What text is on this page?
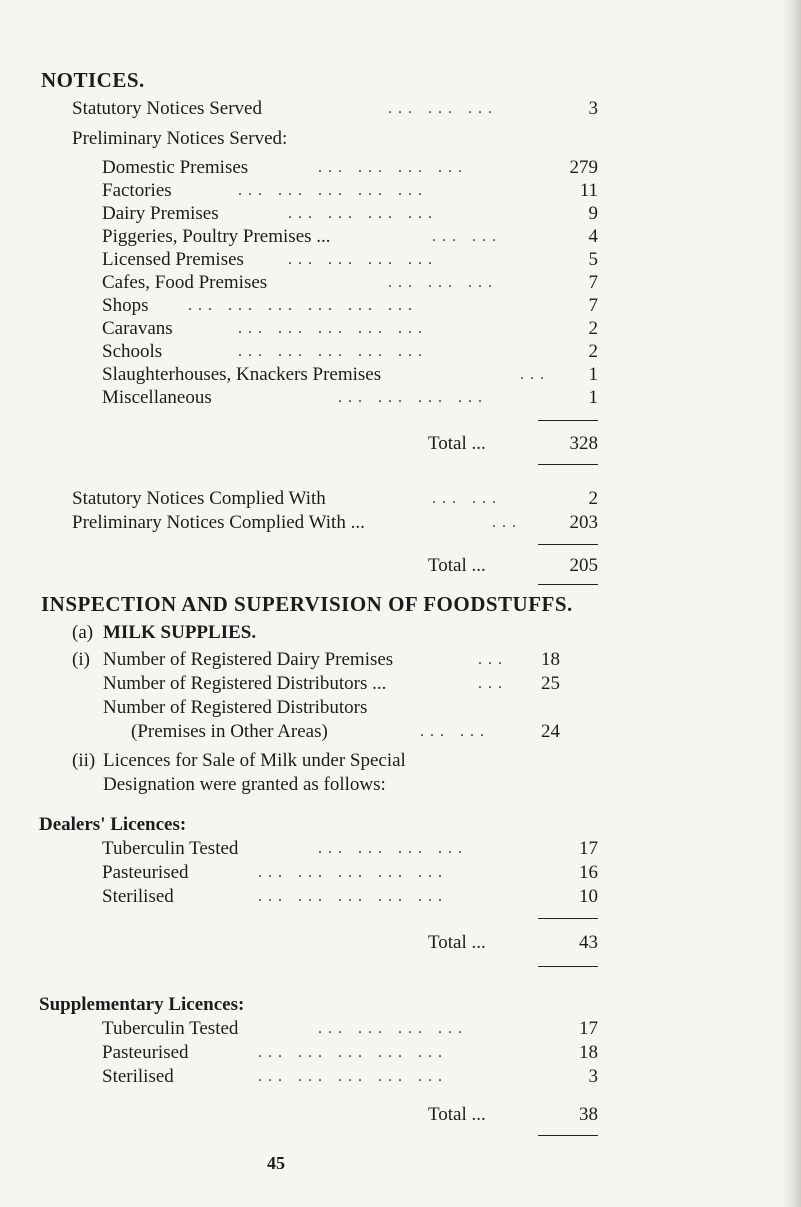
NOTICES.
Statutory Notices Served	... ... ...	3
Preliminary Notices Served:
Domestic Premises	... ... ... ...	279
Factories	... ... ... ... ...	11
Dairy Premises	... ... ... ...	9
Piggeries, Poultry Premises ...	... ...	4
Licensed Premises	... ... ... ...	5
Cafes, Food Premises	... ... ...	7
Shops ... ... ... ... ... ...	7
Caravans	... ... ... ... ...	2
Schools	... ... ... ... ...	2
Slaughterhouses, Knackers Premises	...	1
Miscellaneous	... ... ... ...	1
Total ...	328
Statutory Notices Complied With	... ...	2
Preliminary Notices Complied With ...	...	203
Total ...	205
INSPECTION AND SUPERVISION OF FOODSTUFFS.
(a) MILK SUPPLIES.
(i) Number of Registered Dairy Premises	...	18
Number of Registered Distributors ...	...	25
Number of Registered Distributors
(Premises in Other Areas)	... ...	24
(ii) Licences for Sale of Milk under Special
Designation were granted as follows:
Dealers' Licences:
Tuberculin Tested	... ... ... ...	17
Pasteurised	... ... ... ... ...	16
Sterilised	... ... ... ... ...	10
Total ...	43
Supplementary Licences:
Tuberculin Tested	... ... ... ...	17
Pasteurised	... ... ... ... ...	18
Sterilised	... ... ... ... ...	3
Total ...	38
45
